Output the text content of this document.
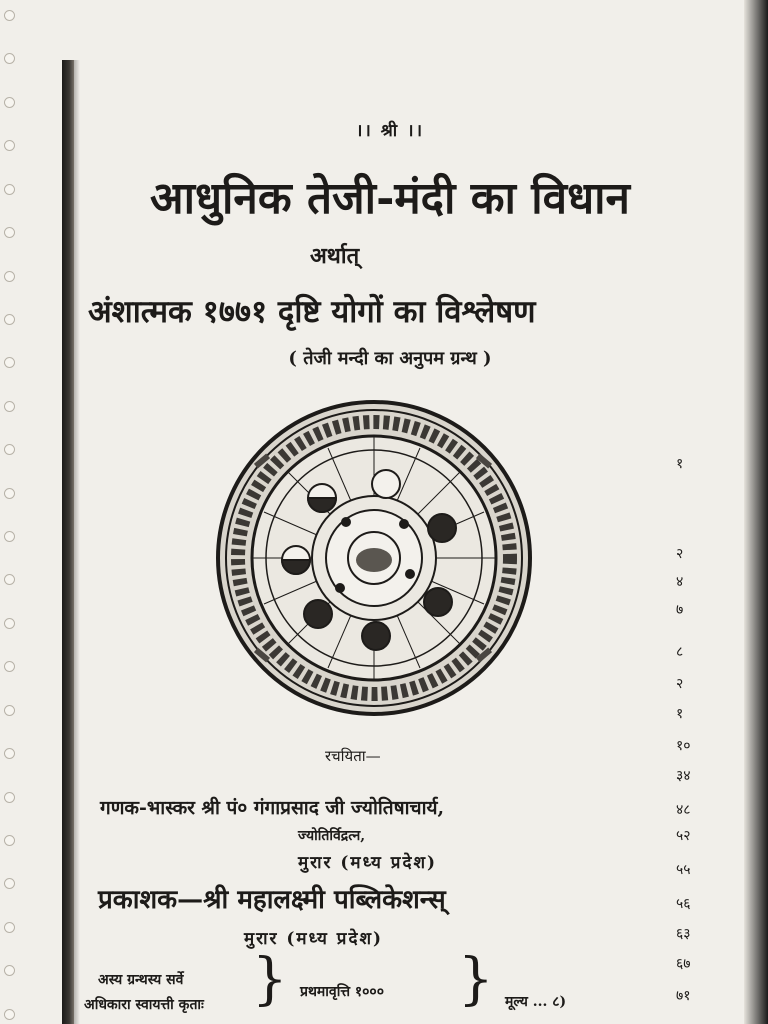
।। श्री ।।
आधुनिक तेजी-मंदी का विधान
अर्थात्
अंशात्मक १७७१ दृष्टि योगों का विश्लेषण
( तेजी मन्दी का अनुपम ग्रन्थ )
रचयिता—
गणक-भास्कर श्री पं० गंगाप्रसाद जी ज्योतिषाचार्य,
ज्योतिर्विद्रत्न,
मुरार (मध्य प्रदेश)
प्रकाशक—श्री महालक्ष्मी पब्लिकेशन्स्
मुरार (मध्य प्रदेश)
अस्य ग्रन्थस्य सर्वे
अधिकारा स्वायत्ती कृताः } प्रथमावृत्ति १००० } मूल्य ... ८)
१
२
४
७
८
२
१
१०
३४
४८
५२
५५
५६
६३
६७
७१
